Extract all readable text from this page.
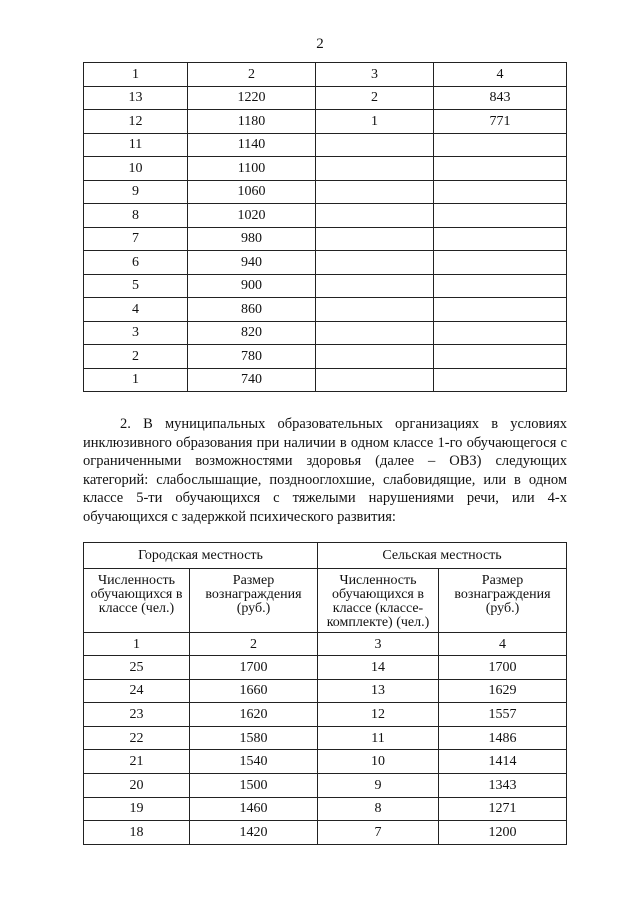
2
1	2	3	4
13	1220	2	843
12	1180	1	771
11	1140		
10	1100		
9	1060		
8	1020		
7	980		
6	940		
5	900		
4	860		
3	820		
2	780		
1	740		

2. В муниципальных образовательных организациях в условиях инклюзивного образования при наличии в одном классе 1-го обучающегося с ограниченными возможностями здоровья (далее – ОВЗ) следующих категорий: слабослышащие, позднооглохшие, слабовидящие, или в одном классе 5-ти обучающихся с тяжелыми нарушениями речи, или 4-х обучающихся с задержкой психического развития:

Городская местность		Сельская местность	
Численность обучающихся в классе (чел.)	Размер вознаграждения (руб.)	Численность обучающихся в классе (классе-комплекте) (чел.)	Размер вознаграждения (руб.)
1	2	3	4
25	1700	14	1700
24	1660	13	1629
23	1620	12	1557
22	1580	11	1486
21	1540	10	1414
20	1500	9	1343
19	1460	8	1271
18	1420	7	1200
